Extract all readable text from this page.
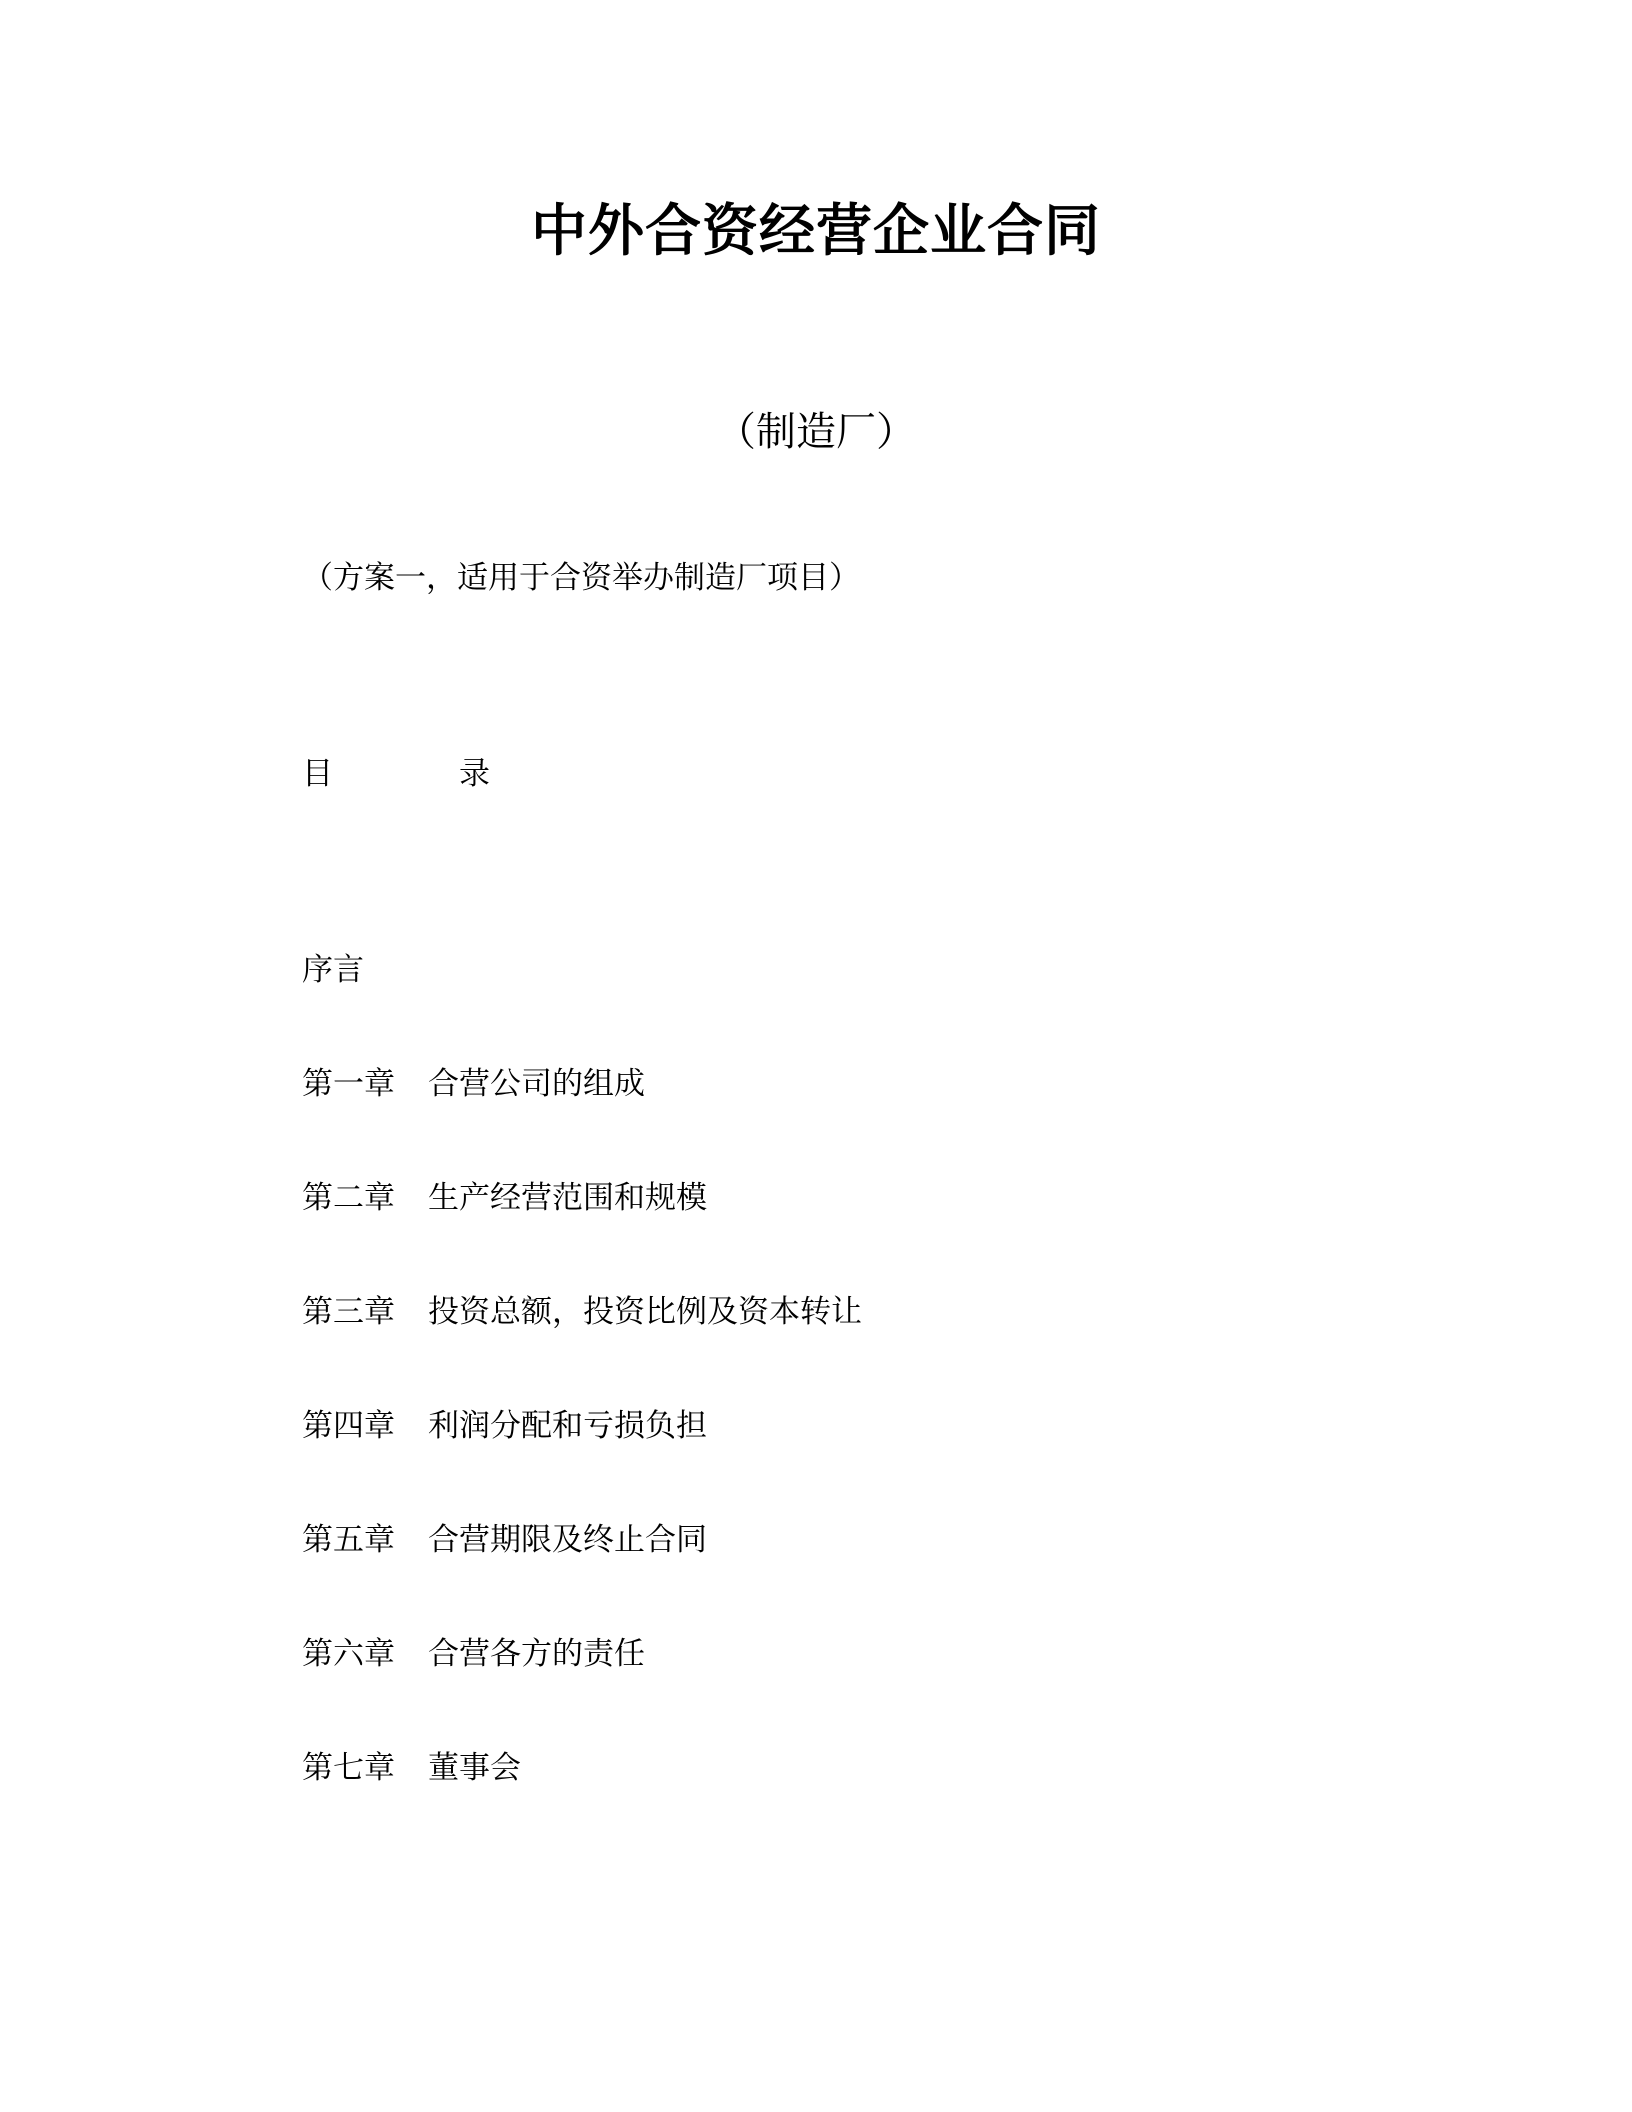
中外合资经营企业合同
（制造厂）
（方案一，适用于合资举办制造厂项目）
目	录
序言
第一章 合营公司的组成
第二章 生产经营范围和规模
第三章 投资总额，投资比例及资本转让
第四章 利润分配和亏损负担
第五章 合营期限及终止合同
第六章 合营各方的责任
第七章 董事会
